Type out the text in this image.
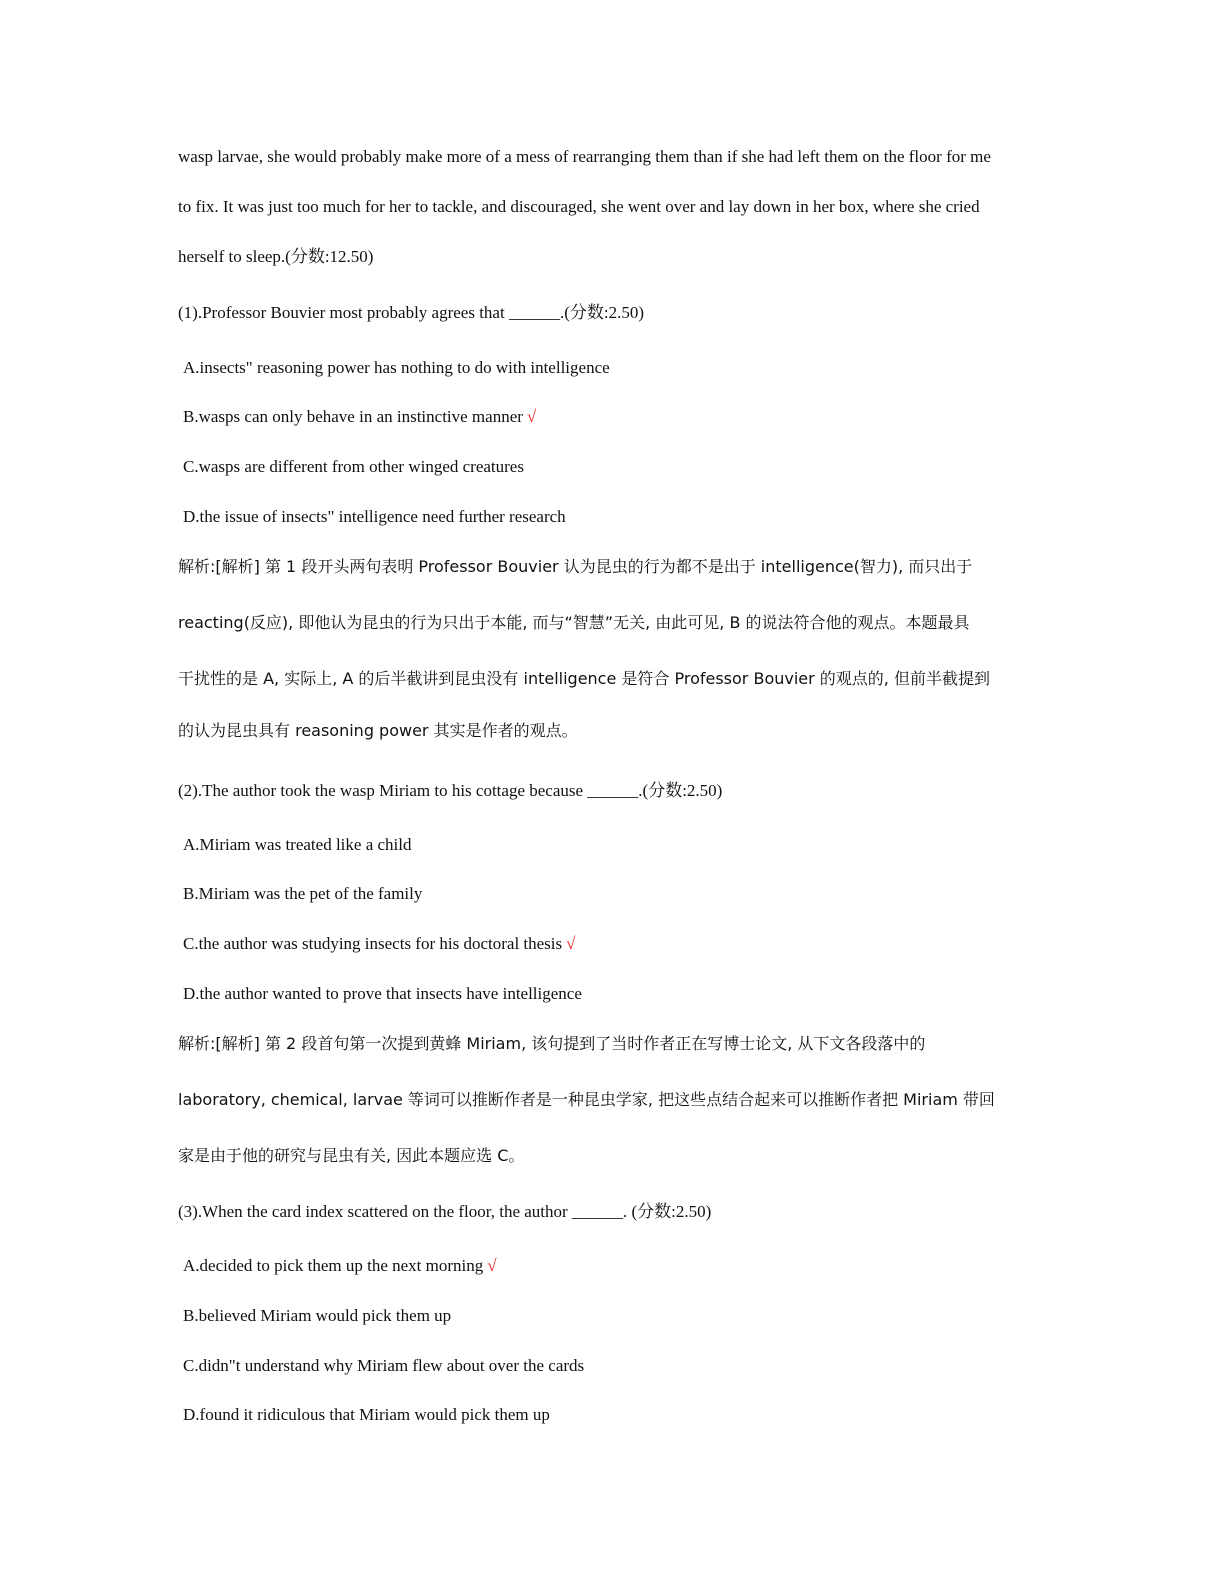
wasp larvae, she would probably make more of a mess of rearranging them than if she had left them on the floor for me
to fix. It was just too much for her to tackle, and discouraged, she went over and lay down in her box, where she cried
herself to sleep.(分数:12.50)
(1).Professor Bouvier most probably agrees that ______.(分数:2.50)
A.insects" reasoning power has nothing to do with intelligence
B.wasps can only behave in an instinctive manner √
C.wasps are different from other winged creatures
D.the issue of insects" intelligence need further research
解析:[解析] 第 1 段开头两句表明 Professor Bouvier 认为昆虫的行为都不是出于 intelligence(智力), 而只出于
reacting(反应), 即他认为昆虫的行为只出于本能, 而与“智慧”无关, 由此可见, B 的说法符合他的观点。本题最具
干扰性的是 A, 实际上, A 的后半截讲到昆虫没有 intelligence 是符合 Professor Bouvier 的观点的, 但前半截提到
的认为昆虫具有 reasoning power 其实是作者的观点。
(2).The author took the wasp Miriam to his cottage because ______.(分数:2.50)
A.Miriam was treated like a child
B.Miriam was the pet of the family
C.the author was studying insects for his doctoral thesis √
D.the author wanted to prove that insects have intelligence
解析:[解析] 第 2 段首句第一次提到黄蜂 Miriam, 该句提到了当时作者正在写博士论文, 从下文各段落中的
laboratory, chemical, larvae 等词可以推断作者是一种昆虫学家, 把这些点结合起来可以推断作者把 Miriam 带回
家是由于他的研究与昆虫有关, 因此本题应选 C。
(3).When the card index scattered on the floor, the author ______. (分数:2.50)
A.decided to pick them up the next morning √
B.believed Miriam would pick them up
C.didn"t understand why Miriam flew about over the cards
D.found it ridiculous that Miriam would pick them up
